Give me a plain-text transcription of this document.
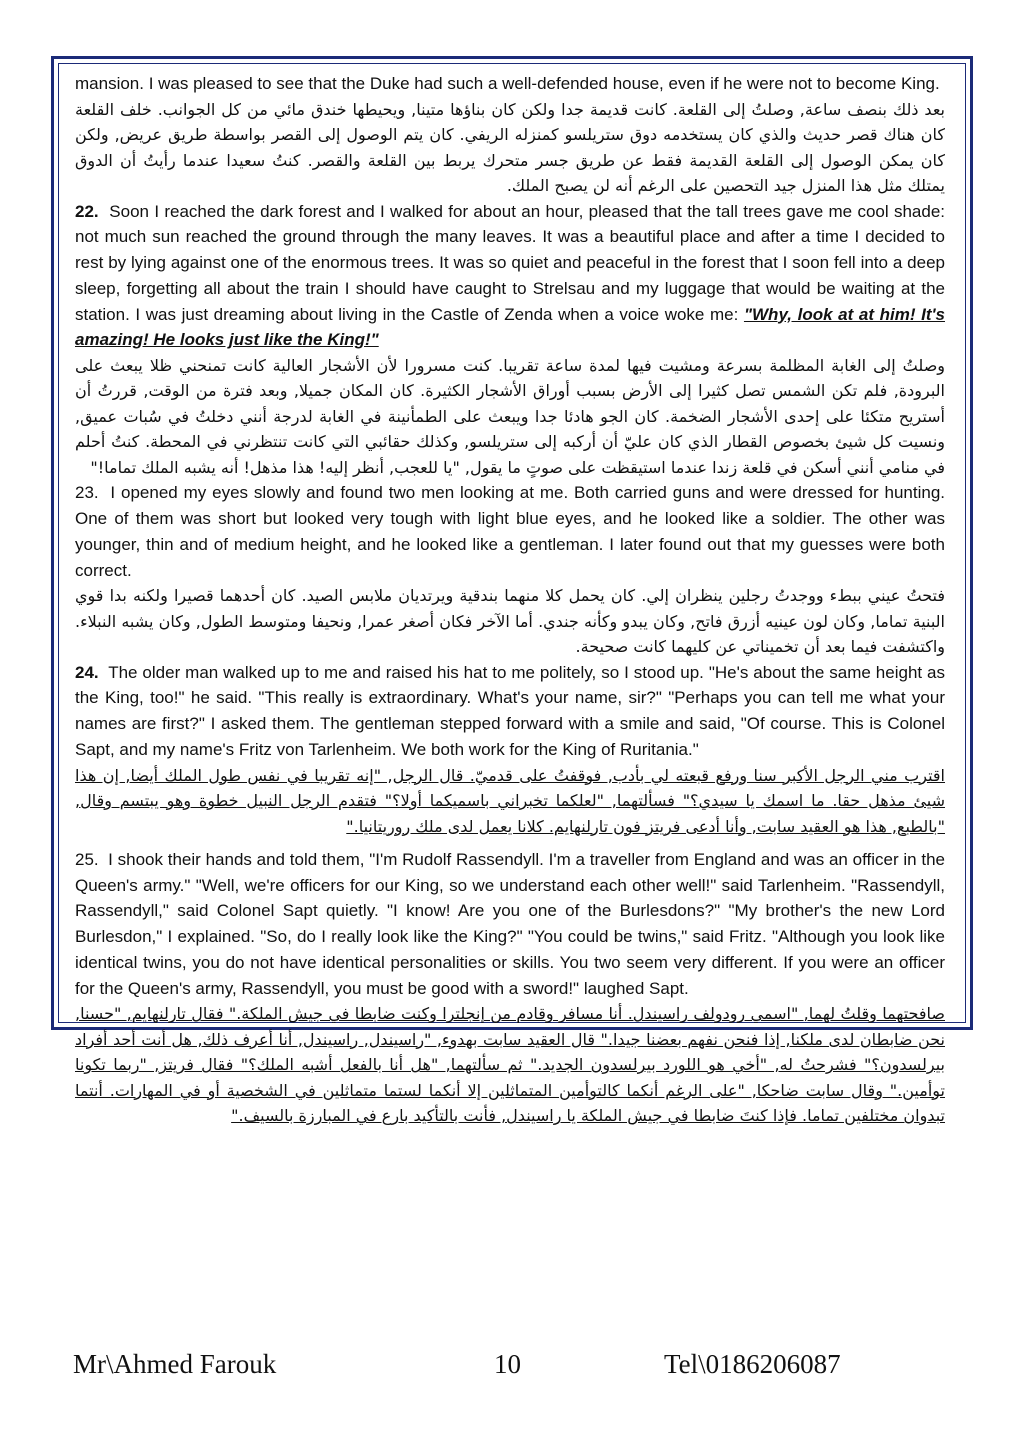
mansion. I was pleased to see that the Duke had such a well-defended house, even if he were not to become King.

بعد ذلك بنصف ساعة, وصلتُ إلى القلعة. كانت قديمة جدا ولكن كان بناؤها متينا, ويحيطها خندق مائي من كل الجوانب. خلف القلعة كان هناك قصر حديث والذي كان يستخدمه دوق ستريلسو كمنزله الريفي. كان يتم الوصول إلى القصر بواسطة طريق عريض, ولكن كان يمكن الوصول إلى القلعة القديمة فقط عن طريق جسر متحرك يربط بين القلعة والقصر. كنتُ سعيدا عندما رأيتُ أن الدوق يمتلك مثل هذا المنزل جيد التحصين على الرغم أنه لن يصبح الملك.

22. Soon I reached the dark forest and I walked for about an hour, pleased that the tall trees gave me cool shade: not much sun reached the ground through the many leaves. It was a beautiful place and after a time I decided to rest by lying against one of the enormous trees. It was so quiet and peaceful in the forest that I soon fell into a deep sleep, forgetting all about the train I should have caught to Strelsau and my luggage that would be waiting at the station. I was just dreaming about living in the Castle of Zenda when a voice woke me: "Why, look at at him! It's amazing! He looks just like the King!"

وصلتُ إلى الغابة المظلمة بسرعة ومشيت فيها لمدة ساعة تقريبا. كنت مسرورا لأن الأشجار العالية كانت تمنحني ظلا يبعث على البرودة, فلم تكن الشمس تصل كثيرا إلى الأرض بسبب أوراق الأشجار الكثيرة. كان المكان جميلا, وبعد فترة من الوقت, قررتُ أن أستريح متكئا على إحدى الأشجار الضخمة. كان الجو هادئا جدا ويبعث على الطمأنينة في الغابة لدرجة أنني دخلتُ في سُبات عميق, ونسيت كل شيئ بخصوص القطار الذي كان عليّ أن أركبه إلى ستريلسو, وكذلك حقائبي التي كانت تنتظرني في المحطة. كنتُ أحلم في منامي أنني أسكن في قلعة زندا عندما استيقظت على صوتٍ ما يقول, "يا للعجب, أنظر إليه! هذا مذهل! أنه يشبه الملك تماما!"

23. I opened my eyes slowly and found two men looking at me. Both carried guns and were dressed for hunting. One of them was short but looked very tough with light blue eyes, and he looked like a soldier. The other was younger, thin and of medium height, and he looked like a gentleman. I later found out that my guesses were both correct.

فتحتُ عيني ببطء ووجدتُ رجلين ينظران إلي. كان يحمل كلا منهما بندقية ويرتديان ملابس الصيد. كان أحدهما قصيرا ولكنه بدا قوي البنية تماما, وكان لون عينيه أزرق فاتح, وكان يبدو وكأنه جندي. أما الآخر فكان أصغر عمرا, ونحيفا ومتوسط الطول, وكان يشبه النبلاء. واكتشفت فيما بعد أن تخميناتي عن كليهما كانت صحيحة.

24. The older man walked up to me and raised his hat to me politely, so I stood up. "He's about the same height as the King, too!" he said. "This really is extraordinary. What's your name, sir?" "Perhaps you can tell me what your names are first?" I asked them. The gentleman stepped forward with a smile and said, "Of course. This is Colonel Sapt, and my name's Fritz von Tarlenheim. We both work for the King of Ruritania."

اقترب مني الرجل الأكبر سنا ورفع قبعته لي بأدب, فوقفتُ على قدميّ. قال الرجل, "إنه تقريبا في نفس طول الملك أيضا, إن هذا شيئ مذهل حقا. ما اسمك يا سيدي؟" فسألتهما, "لعلكما تخبراني باسميكما أولا؟" فتقدم الرجل النبيل خطوة وهو يبتسم وقال, "بالطبع, هذا هو العقيد سابت, وأنا أدعى فريتز فون تارلنهايم. كلانا يعمل لدى ملك روريتانيا."

25. I shook their hands and told them, "I'm Rudolf Rassendyll. I'm a traveller from England and was an officer in the Queen's army." "Well, we're officers for our King, so we understand each other well!" said Tarlenheim. "Rassendyll, Rassendyll," said Colonel Sapt quietly. "I know! Are you one of the Burlesdons?" "My brother's the new Lord Burlesdon," I explained. "So, do I really look like the King?" "You could be twins," said Fritz. "Although you look like identical twins, you do not have identical personalities or skills. You two seem very different. If you were an officer for the Queen's army, Rassendyll, you must be good with a sword!" laughed Sapt.

صافحتهما وقلتُ لهما, "اسمي رودولف راسيندل. أنا مسافر وقادم من إنجلترا وكنت ضابطا في جيش الملكة." فقال تارلنهايم, "حسنا, نحن ضابطان لدى ملكنا, إذا فنحن نفهم بعضنا جيدا." قال العقيد سابت بهدوء, "راسيندل, راسيندل, أنا أعرف ذلك, هل أنت أحد أفراد بيرلسدون؟" فشرحتُ له, "أخي هو اللورد بيرلسدون الجديد." ثم سألتهما, "هل أنا بالفعل أشبه الملك؟" فقال فريتز, "ربما تكونا توأمين." وقال سابت ضاحكا, "على الرغم أنكما كالتوأمين المتماثلين إلا أنكما لستما متماثلين في الشخصية أو في المهارات. أنتما تبدوان مختلفين تماما. فإذا كنتَ ضابطا في جيش الملكة يا راسيندل, فأنت بالتأكيد بارع في المبارزة بالسيف."

Mr\Ahmed Farouk	10	Tel\0186206087
